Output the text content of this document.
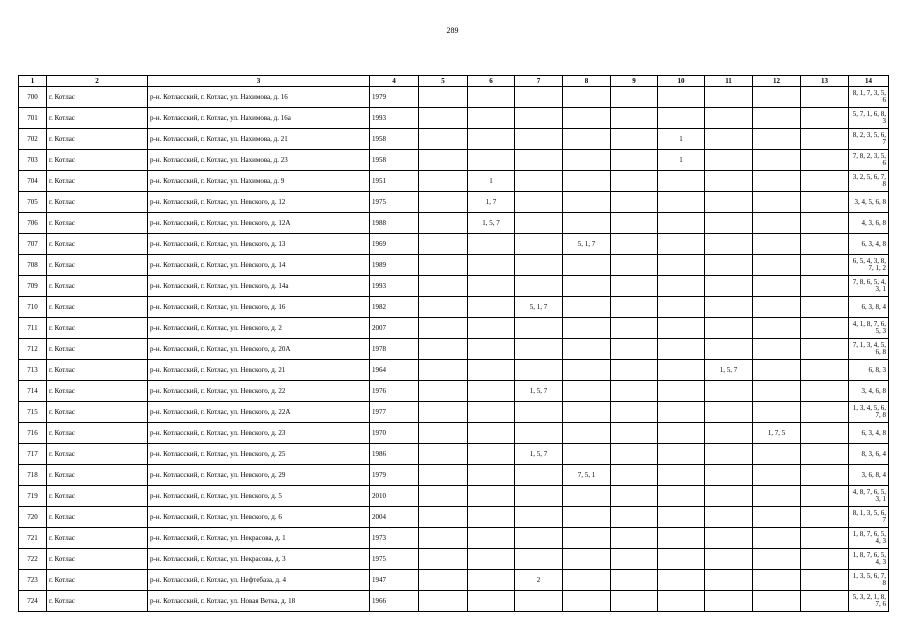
289
1	2	3	4	5	6	7	8	9	10	11	12	13	14
700	г. Котлас	р-н. Котласский, г. Котлас, ул. Нахимова, д. 16	1979										8, 1, 7, 3, 5, 6
701	г. Котлас	р-н. Котласский, г. Котлас, ул. Нахимова, д. 16а	1993										5, 7, 1, 6, 8, 3
702	г. Котлас	р-н. Котласский, г. Котлас, ул. Нахимова, д. 21	1958						1				8, 2, 3, 5, 6, 7
703	г. Котлас	р-н. Котласский, г. Котлас, ул. Нахимова, д. 23	1958						1				7, 8, 2, 3, 5, 6
704	г. Котлас	р-н. Котласский, г. Котлас, ул. Нахимова, д. 9	1951		1								3, 2, 5, 6, 7, 8
705	г. Котлас	р-н. Котласский, г. Котлас, ул. Невского, д. 12	1975		1, 7								3, 4, 5, 6, 8
706	г. Котлас	р-н. Котласский, г. Котлас, ул. Невского, д. 12А	1988		1, 5, 7								4, 3, 6, 8
707	г. Котлас	р-н. Котласский, г. Котлас, ул. Невского, д. 13	1969				5, 1, 7						6, 3, 4, 8
708	г. Котлас	р-н. Котласский, г. Котлас, ул. Невского, д. 14	1989										6, 5, 4, 3, 8, 7, 1, 2
709	г. Котлас	р-н. Котласский, г. Котлас, ул. Невского, д. 14а	1993										7, 8, 6, 5, 4, 3, 1
710	г. Котлас	р-н. Котласский, г. Котлас, ул. Невского, д. 16	1982			5, 1, 7							6, 3, 8, 4
711	г. Котлас	р-н. Котласский, г. Котлас, ул. Невского, д. 2	2007										4, 1, 8, 7, 6, 5, 3
712	г. Котлас	р-н. Котласский, г. Котлас, ул. Невского, д. 20А	1978										7, 1, 3, 4, 5, 6, 8
713	г. Котлас	р-н. Котласский, г. Котлас, ул. Невского, д. 21	1964							1, 5, 7			6, 8, 3
714	г. Котлас	р-н. Котласский, г. Котлас, ул. Невского, д. 22	1976			1, 5, 7							3, 4, 6, 8
715	г. Котлас	р-н. Котласский, г. Котлас, ул. Невского, д. 22А	1977										1, 3, 4, 5, 6, 7, 8
716	г. Котлас	р-н. Котласский, г. Котлас, ул. Невского, д. 23	1970								1, 7, 5		6, 3, 4, 8
717	г. Котлас	р-н. Котласский, г. Котлас, ул. Невского, д. 25	1986			1, 5, 7							8, 3, 6, 4
718	г. Котлас	р-н. Котласский, г. Котлас, ул. Невского, д. 29	1979				7, 5, 1						3, 6, 8, 4
719	г. Котлас	р-н. Котласский, г. Котлас, ул. Невского, д. 5	2010										4, 8, 7, 6, 5, 3, 1
720	г. Котлас	р-н. Котласский, г. Котлас, ул. Невского, д. 6	2004										8, 1, 3, 5, 6, 7
721	г. Котлас	р-н. Котласский, г. Котлас, ул. Некрасова, д. 1	1973										1, 8, 7, 6, 5, 4, 3
722	г. Котлас	р-н. Котласский, г. Котлас, ул. Некрасова, д. 3	1975										1, 8, 7, 6, 5, 4, 3
723	г. Котлас	р-н. Котласский, г. Котлас, ул. Нефтебаза, д. 4	1947			2							1, 3, 5, 6, 7, 8
724	г. Котлас	р-н. Котласский, г. Котлас, ул. Новая Ветка, д. 18	1966										5, 3, 2, 1, 8, 7, 6
